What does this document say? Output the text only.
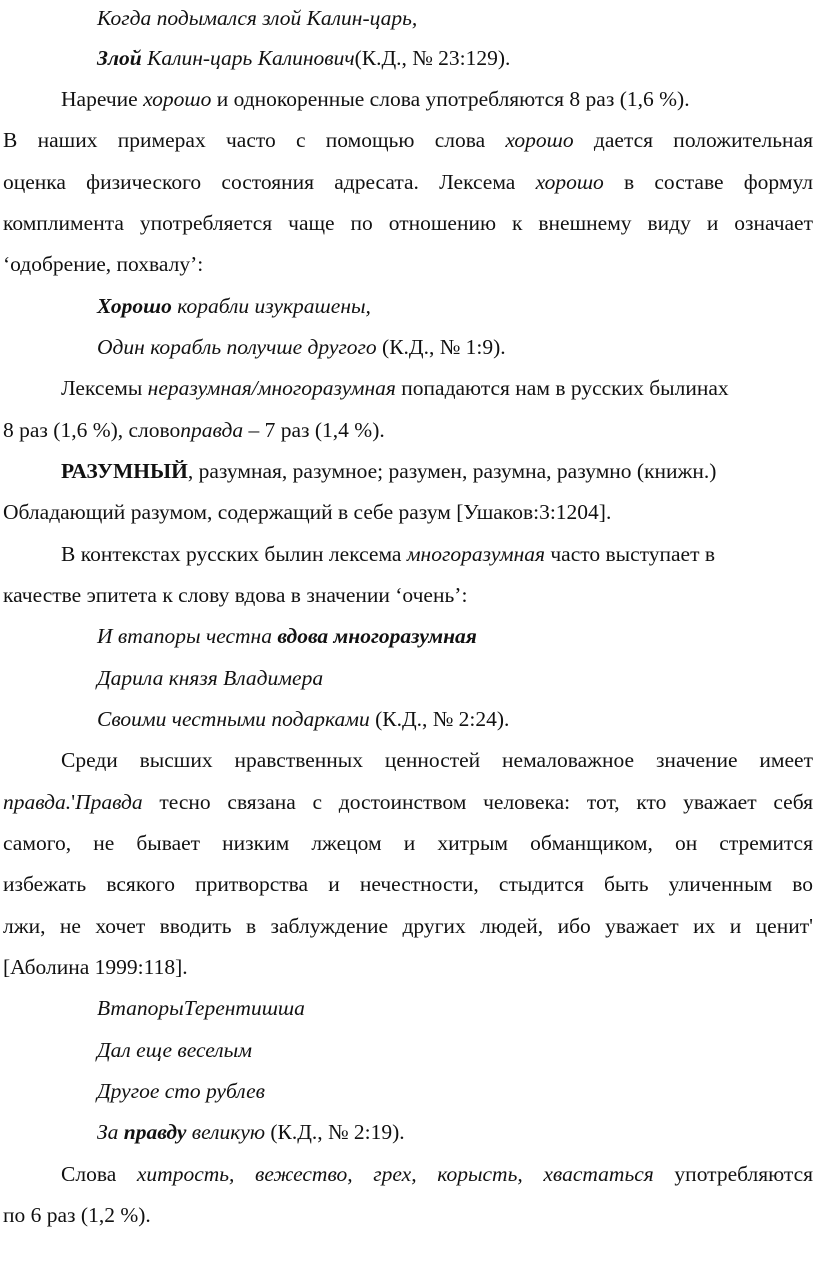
Когда подымался злой Калин-царь,
Злой Калин-царь Калинович(К.Д., № 23:129).
Наречие хорошо и однокоренные слова употребляются 8 раз (1,6 %).
В наших примерах часто с помощью слова хорошо дается положительная
оценка физического состояния адресата. Лексема хорошо в составе формул
комплимента употребляется чаще по отношению к внешнему виду и означает
‘одобрение, похвалу’:
Хорошо корабли изукрашены,
Один корабль получше другого (К.Д., № 1:9).
Лексемы неразумная/многоразумная попадаются нам в русских былинах
8 раз (1,6 %), словоправда – 7 раз (1,4 %).
РАЗУМНЫЙ, разумная, разумное; разумен, разумна, разумно (книжн.)
Обладающий разумом, содержащий в себе разум [Ушаков:3:1204].
В контекстах русских былин лексема многоразумная часто выступает в
качестве эпитета к слову вдова в значении ‘очень’:
И втапоры честна вдова многоразумная
Дарила князя Владимера
Своими честными подарками (К.Д., № 2:24).
Среди высших нравственных ценностей немаловажное значение имеет
правда.'Правда тесно связана с достоинством человека: тот, кто уважает себя
самого, не бывает низким лжецом и хитрым обманщиком, он стремится
избежать всякого притворства и нечестности, стыдится быть уличенным во
лжи, не хочет вводить в заблуждение других людей, ибо уважает их и ценит'
[Аболина 1999:118].
ВтапорыТерентишша
Дал еще веселым
Другое сто рублев
За правду великую (К.Д., № 2:19).
Слова хитрость, вежество, грех, корысть, хвастаться употребляются
по 6 раз (1,2 %).
